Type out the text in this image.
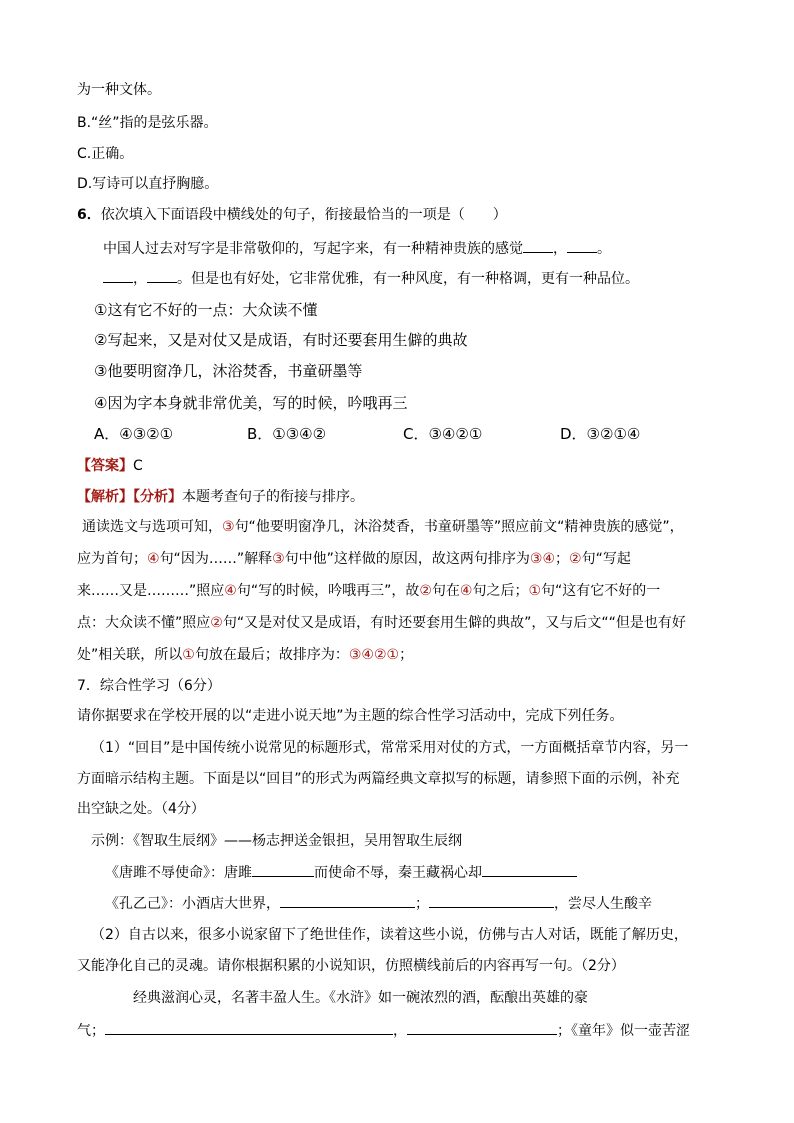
为一种文体。
B.“丝”指的是弦乐器。
C.正确。
D.写诗可以直抒胸臆。
6．依次填入下面语段中横线处的句子，衔接最恰当的一项是（　　）
中国人过去对写字是非常敬仰的，写起字来，有一种精神贵族的感觉 ， 。
， 。但是也有好处，它非常优雅，有一种风度，有一种格调，更有一种品位。
①这有它不好的一点：大众读不懂
②写起来，又是对仗又是成语，有时还要套用生僻的典故
③他要明窗净几，沐浴焚香，书童研墨等
④因为字本身就非常优美，写的时候，吟哦再三
A．④③②①	B．①③④②	C．③④②①	D．③②①④
【答案】C
【解析】【分析】本题考查句子的衔接与排序。
通读选文与选项可知，③句“他要明窗净几，沐浴焚香，书童研墨等”照应前文“精神贵族的感觉”，
应为首句；④句“因为……”解释③句中他”这样做的原因，故这两句排序为③④；②句“写起
来……又是………”照应④句“写的时候，吟哦再三”，故②句在④句之后；①句“这有它不好的一
点：大众读不懂”照应②句“又是对仗又是成语，有时还要套用生僻的典故”，又与后文““但是也有好
处”相关联，所以①句放在最后；故排序为：③④②①；
7．综合性学习（6分）
请你据要求在学校开展的以“走进小说天地”为主题的综合性学习活动中，完成下列任务。
（1）“回目”是中国传统小说常见的标题形式，常常采用对仗的方式，一方面概括章节内容，另一
方面暗示结构主题。下面是以“回目”的形式为两篇经典文章拟写的标题，请参照下面的示例，补充
出空缺之处。（4分）
示例：《智取生辰纲》——杨志押送金银担，吴用智取生辰纲
《唐雎不辱使命》：唐雎	而使命不辱，秦王藏祸心却
《孔乙己》：小酒店大世界，	；	，尝尽人生酸辛
（2）自古以来，很多小说家留下了绝世佳作，读着这些小说，仿佛与古人对话，既能了解历史，
又能净化自己的灵魂。请你根据积累的小说知识，仿照横线前后的内容再写一句。（2分）
经典滋润心灵，名著丰盈人生。《水浒》如一碗浓烈的酒，酝酿出英雄的豪
气；	，	；《童年》似一壶苦涩
